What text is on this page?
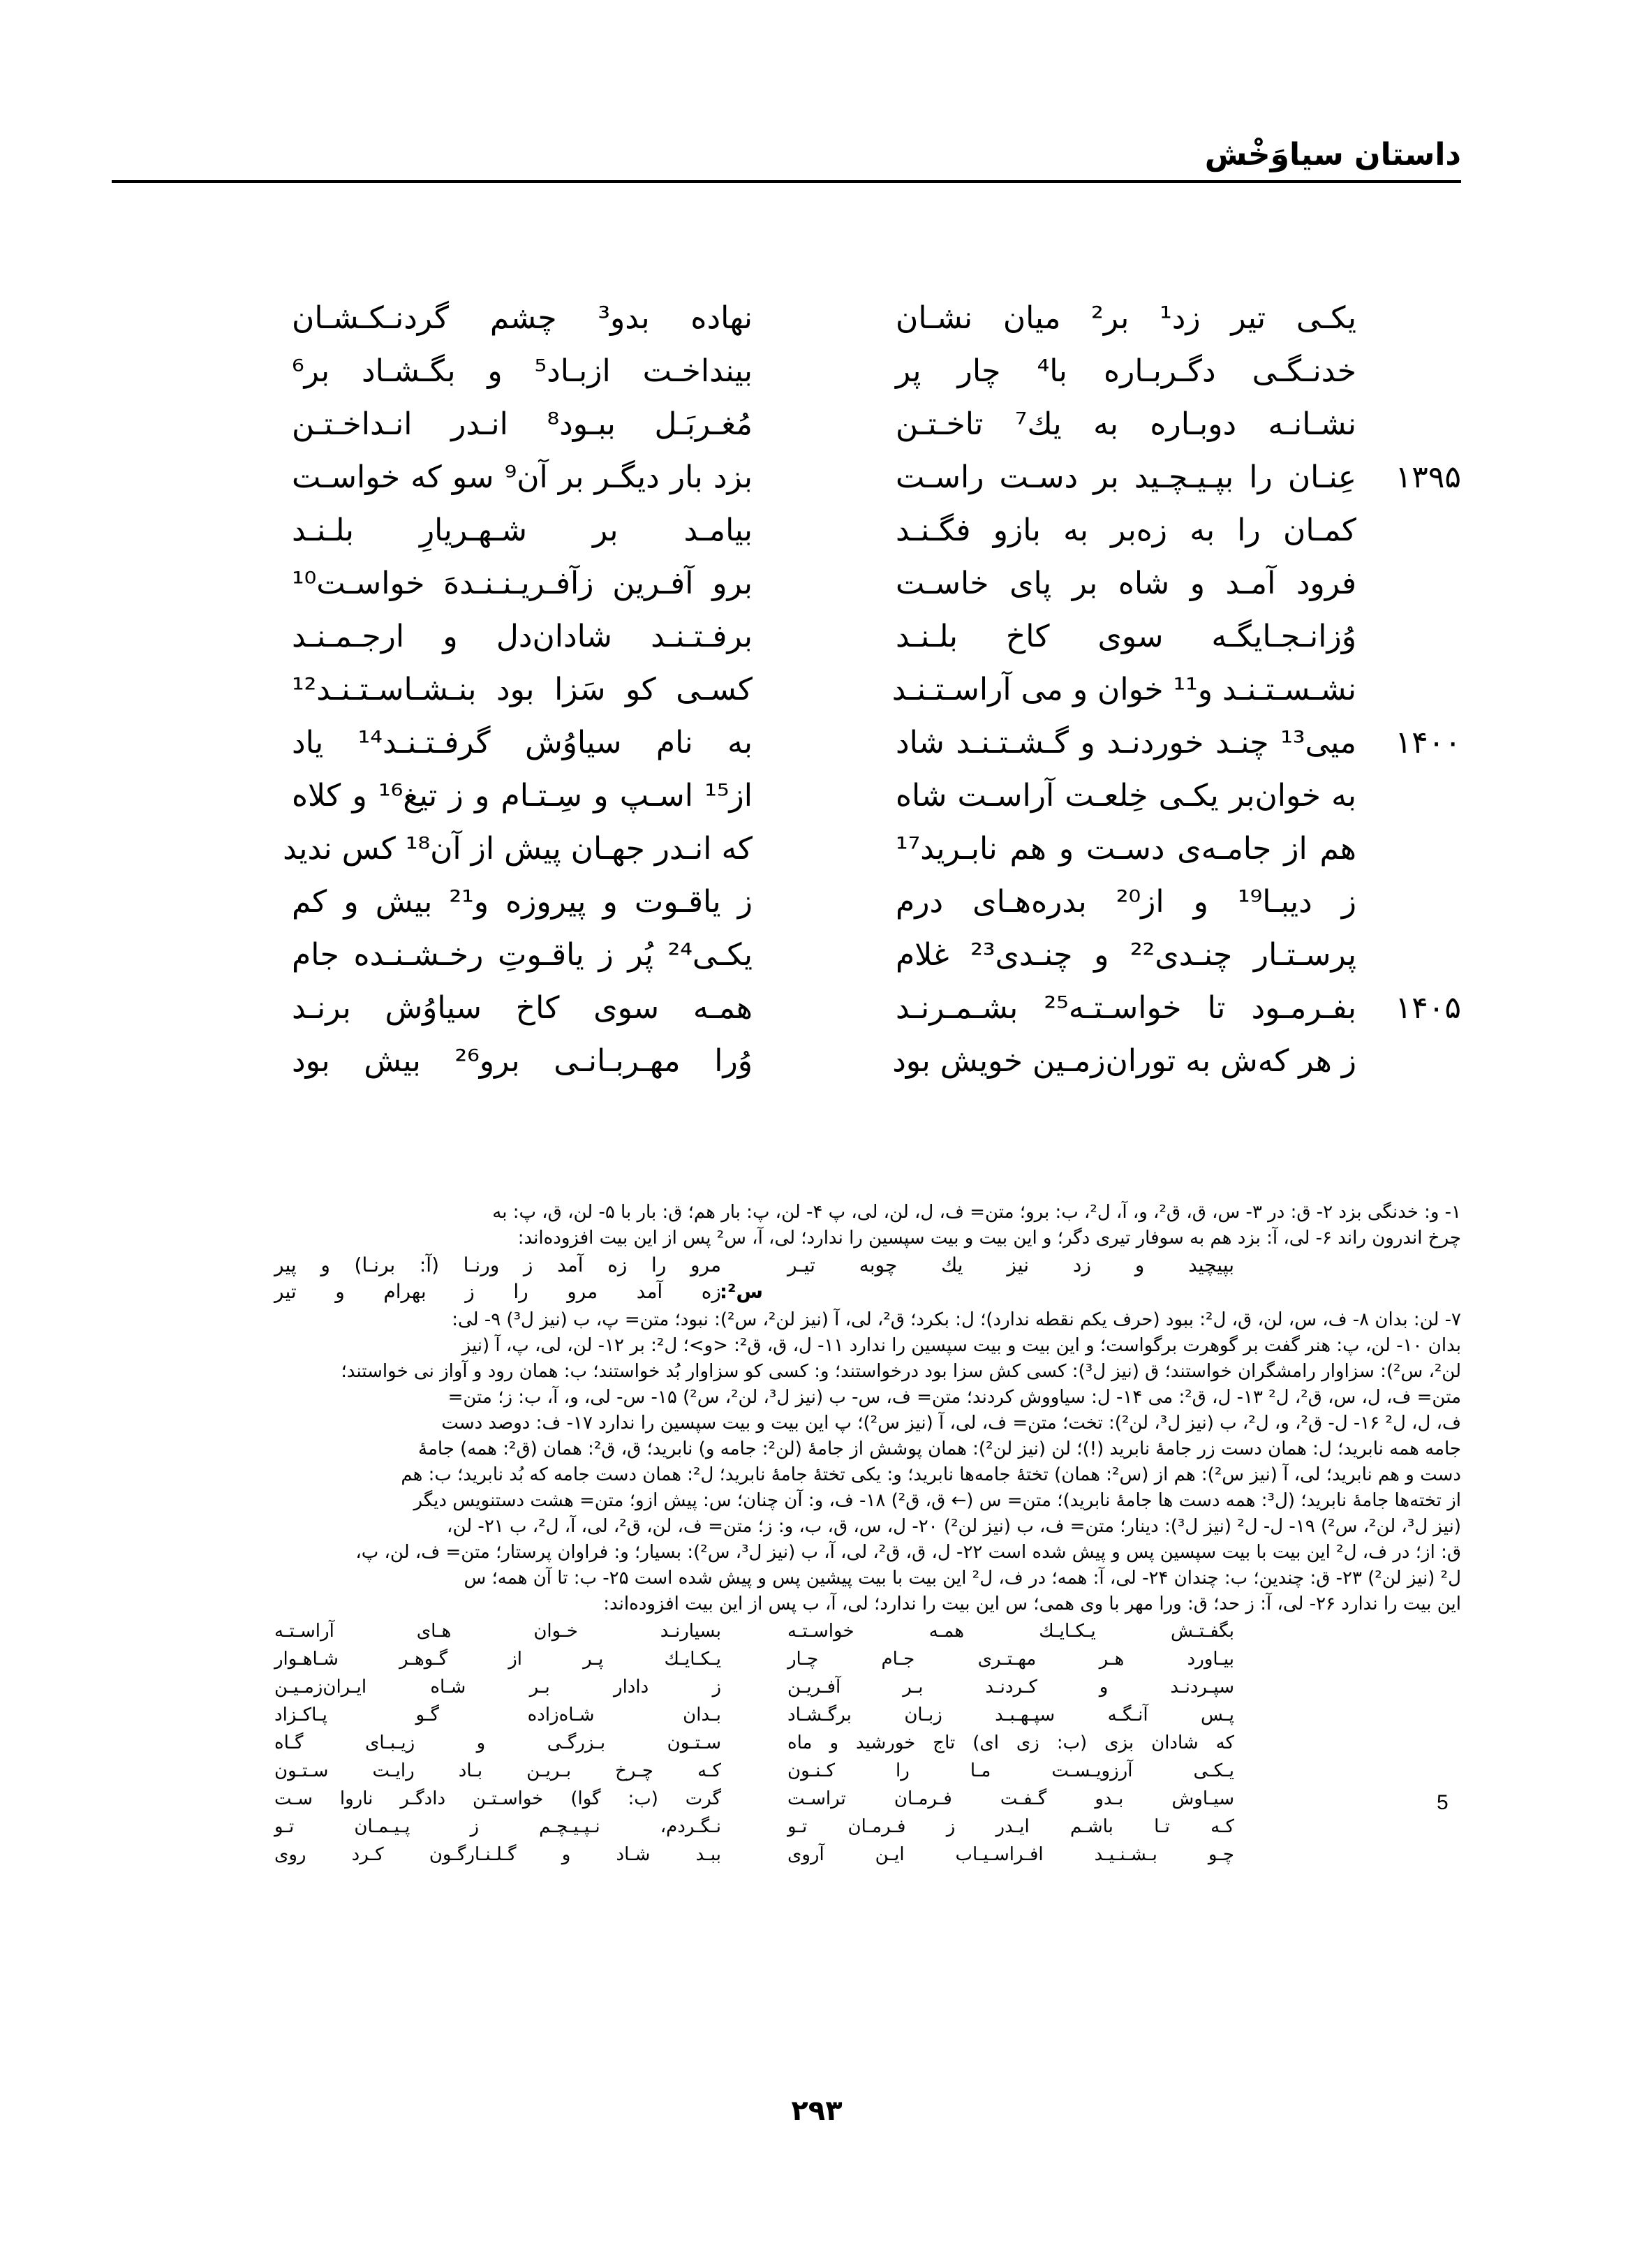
داستان سیاوَخْش
یکـی تیر زد¹ بر² میان نشـان
نهاده بدو³ چشم گردنـکـشـان
خدنـگـی دگـربـاره با⁴ چار پر
بینداخـت ازبـاد⁵ و بگـشـاد بر⁶
نشـانـه دوبـاره به یك⁷ تاخـتـن
مُغـربَـل ببـود⁸ انـدر انـداخـتـن
۱۳۹۵
عِنـان را بپـیـچـید بر دسـت راسـت
بزد بار دیگـر بر آن⁹ سو که خواسـت
کمـان را به زه‌بر به بازو فگـنـد
بیامـد بر شـهـریارِ بلـنـد
فرود آمـد و شاه بر پای خاسـت
برو آفـرین زآفـریـنـنـدهَ خواسـت¹⁰
وُزانـجـایگـه سوی کاخ بلـنـد
برفـتـنـد شادان‌دل و ارجـمـنـد
نشـسـتـنـد و¹¹ خوان و می آراسـتـنـد
کسـی کو سَزا بود بنـشـاسـتـنـد¹²
۱۴۰۰
میی¹³ چنـد خوردنـد و گـشـتـنـد شاد
به نام سیاوُش گرفـتـنـد¹⁴ یاد
به خوان‌بر یکـی خِلعـت آراسـت شاه
از¹⁵ اسـپ و سِـتـام و ز تیغ¹⁶ و کلاه
هم از جامـه‌ی دسـت و هم نابـرید¹⁷
که انـدر جهـان پیش از آن¹⁸ کس ندید
ز دیبـا¹⁹ و از²⁰ بدره‌هـای درم
ز یاقـوت و پیروزه و²¹ بیش و کم
پرسـتـار چنـدی²² و چنـدی²³ غلام
یکـی²⁴ پُر ز یاقـوتِ رخـشـنـده جام
۱۴۰۵
بفـرمـود تا خواسـتـه²⁵ بشـمـرنـد
همـه سوی کاخ سیاوُش برنـد
ز هر که‌ش به توران‌زمـین خویش بود
وُرا مهـربـانـی برو²⁶ بیش بود

۱- و: خدنگی بزد ۲- ق: در ۳- س، ق، ق²، و، آ، ل²، ب: برو؛ متن= ف، ل، لن، لی، پ ۴- لن، پ: بار هم؛ ق: بار با ۵- لن، ق، پ: به

چرخ اندرون راند ۶- لی، آ: بزد هم به سوفار تیری دگر؛ و این بیت و بیت سپسین را ندارد؛ لی، آ، س² پس از این بیت افزوده‌اند:

بپیچید و زد نیز یك چوبه تیـر
مرو را زه آمد ز ورنـا (آ: برنـا) و پیر
س²:
زه آمد مرو را ز بهرام و تیر

۷- لن: بدان ۸- ف، س، لن، ق، ل²: ببود (حرف یکم نقطه ندارد)؛ ل: بکرد؛ ق²، لی، آ (نیز لن²، س²): نبود؛ متن= پ، ب (نیز ل³) ۹- لی:

بدان ۱۰- لن، پ: هنر گفت بر گوهرت برگواست؛ و این بیت و بیت سپسین را ندارد ۱۱- ل، ق، ق²: <و>؛ ل²: بر ۱۲- لن، لی، پ، آ (نیز

لن²، س²): سزاوار رامشگران خواستند؛ ق (نیز ل³): کسی کش سزا بود درخواستند؛ و: کسی کو سزاوار بُد خواستند؛ ب: همان رود و آواز نی خواستند؛

متن= ف، ل، س، ق²، ل² ۱۳- ل، ق²: می ۱۴- ل: سیاووش کردند؛ متن= ف، س- ب (نیز ل³، لن²، س²) ۱۵- س- لی، و، آ، ب: ز؛ متن=

ف، ل، ل² ۱۶- ل- ق²، و، ل²، ب (نیز ل³، لن²): تخت؛ متن= ف، لی، آ (نیز س²)؛ پ این بیت و بیت سپسین را ندارد ۱۷- ف: دوصد دست

جامه همه نابرید؛ ل: همان دست زر جامهٔ نابرید (!)؛ لن (نیز لن²): همان پوشش از جامهٔ (لن²: جامه و) نابرید؛ ق، ق²: همان (ق²: همه) جامهٔ

دست و هم نابرید؛ لی، آ (نیز س²): هم از (س²: همان) تختهٔ جامه‌ها نابرید؛ و: یکی تختهٔ جامهٔ نابرید؛ ل²: همان دست جامه که بُد نابرید؛ ب: هم

از تخته‌ها جامهٔ نابرید؛ (ل³: همه دست ها جامهٔ نابرید)؛ متن= س (← ق، ق²) ۱۸- ف، و: آن چنان؛ س: پیش ازو؛ متن= هشت دستنویس دیگر

(نیز ل³، لن²، س²) ۱۹- ل- ل² (نیز ل³): دینار؛ متن= ف، ب (نیز لن²) ۲۰- ل، س، ق، ب، و: ز؛ متن= ف، لن، ق²، لی، آ، ل²، ب ۲۱- لن،

ق: از؛ در ف، ل² این بیت با بیت سپسین پس و پیش شده است ۲۲- ل، ق، ق²، لی، آ، ب (نیز ل³، س²): بسیار؛ و: فراوان پرستار؛ متن= ف، لن، پ،

ل² (نیز لن²) ۲۳- ق: چندین؛ ب: چندان ۲۴- لی، آ: همه؛ در ف، ل² این بیت با بیت پیشین پس و پیش شده است ۲۵- ب: تا آن همه؛ س

این بیت را ندارد ۲۶- لی، آ: ز حد؛ ق: ورا مهر با وی همی؛ س این بیت را ندارد؛ لی، آ، ب پس از این بیت افزوده‌اند:

بگفـتـش یـکـایـك همـه خواسـتـه
بسیارنـد خـوان هـای آراسـتـه
بیـاورد هـر مهـتـری جـام چـار
یـکـایـك پـر از گـوهـر شـاهـوار
سپـردنـد و کـردنـد بـر آفـریـن
ز دادار بـر شـاه ایـران‌زمـیـن
پـس آنـگـه سپـهـبـد زبـان برگـشـاد
بـدان شـاه‌زاده گـو پـاکـزاد
که شادان بزی (ب: زی ای) تاج خورشید و ماه
سـتـون بـزرگـی و زیـبـای گـاه
یـکـی آرزویـسـت مـا را کـنـون
کـه چـرخ بـریـن بـاد رایـت سـتـون
سیـاوش بـدو گـفـت فـرمـان تراسـت
گرت (ب: گوا) خواسـتـن دادگـر ناروا سـت
کـه تـا باشـم ایـدر ز فـرمـان تـو
نـگـردم، نـپـیـچـم ز پـیـمـان تـو
چـو بـشـنـیـد افـراسـیـاب ایـن آروی
ببـد شـاد و گـلـنـارگـون کـرد روی
5
۲۹۳
